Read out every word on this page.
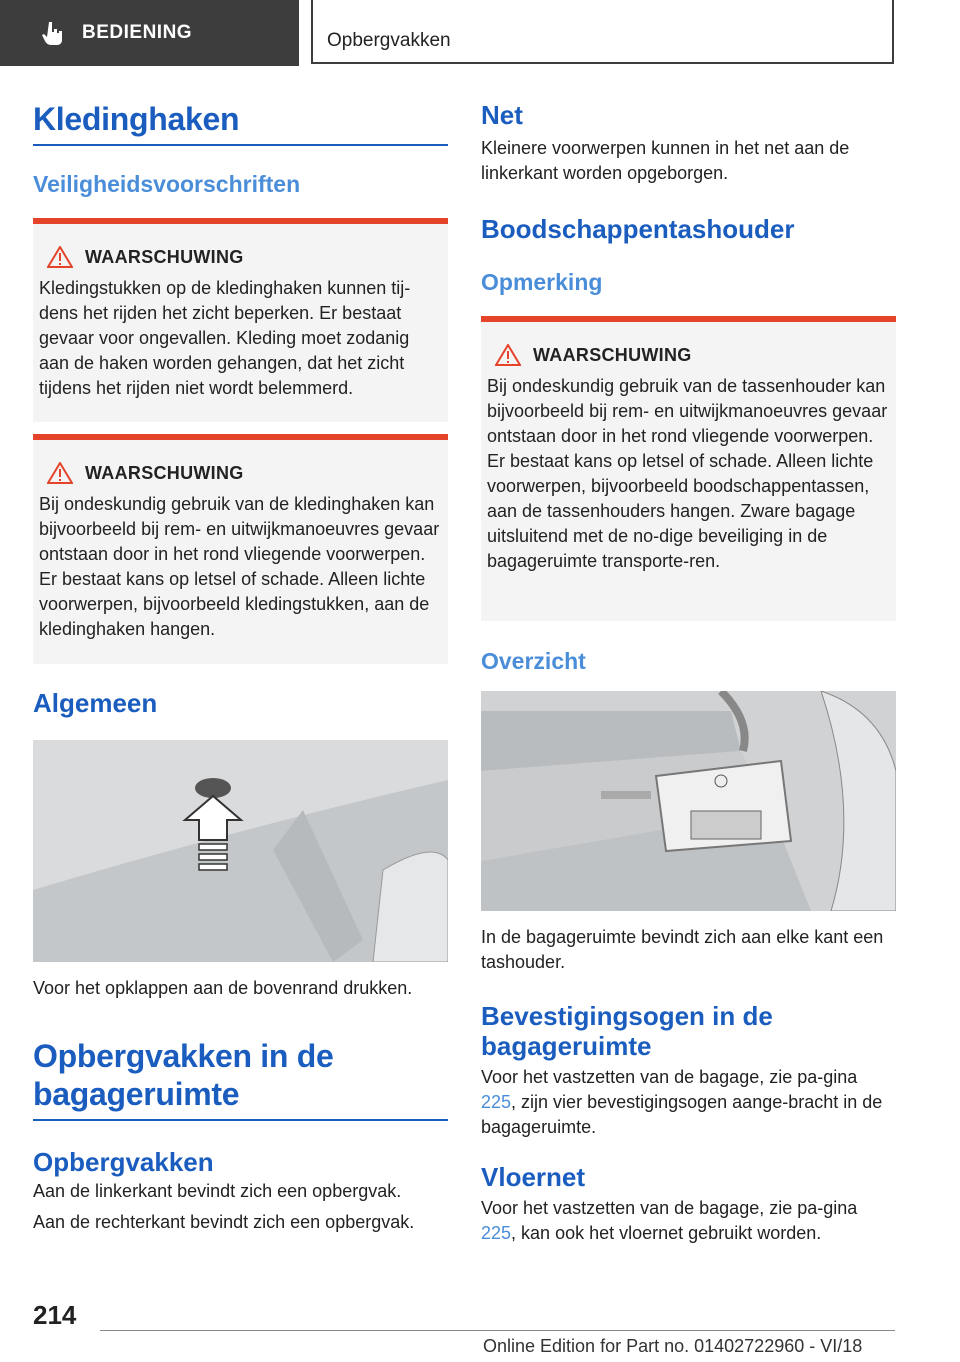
BEDIENING	Opbergvakken
Kledinghaken
Veiligheidsvoorschriften
WAARSCHUWING

Kledingstukken op de kledinghaken kunnen tij-dens het rijden het zicht beperken. Er bestaat gevaar voor ongevallen. Kleding moet zodanig aan de haken worden gehangen, dat het zicht tijdens het rijden niet wordt belemmerd.

WAARSCHUWING

Bij ondeskundig gebruik van de kledinghaken kan bijvoorbeeld bij rem- en uitwijkmanoeuvres gevaar ontstaan door in het rond vliegende voorwerpen. Er bestaat kans op letsel of schade. Alleen lichte voorwerpen, bijvoorbeeld kledingstukken, aan de kledinghaken hangen.

Algemeen

Voor het opklappen aan de bovenrand drukken.

Opbergvakken in de bagageruimte
Opbergvakken

Aan de linkerkant bevindt zich een opbergvak.

Aan de rechterkant bevindt zich een opbergvak.

Net

Kleinere voorwerpen kunnen in het net aan de linkerkant worden opgeborgen.

Boodschappentashouder
Opmerking
WAARSCHUWING

Bij ondeskundig gebruik van de tassenhouder kan bijvoorbeeld bij rem- en uitwijkmanoeuvres gevaar ontstaan door in het rond vliegende voorwerpen. Er bestaat kans op letsel of schade. Alleen lichte voorwerpen, bijvoorbeeld boodschappentassen, aan de tassenhouders hangen. Zware bagage uitsluitend met de no-dige beveiliging in de bagageruimte transporte-ren.

Overzicht

In de bagageruimte bevindt zich aan elke kant een tashouder.

Bevestigingsogen in de bagageruimte

Voor het vastzetten van de bagage, zie pa-gina 225, zijn vier bevestigingsogen aange-bracht in de bagageruimte.

Vloernet

Voor het vastzetten van de bagage, zie pa-gina 225, kan ook het vloernet gebruikt worden.

214
Online Edition for Part no. 01402722960 - VI/18
